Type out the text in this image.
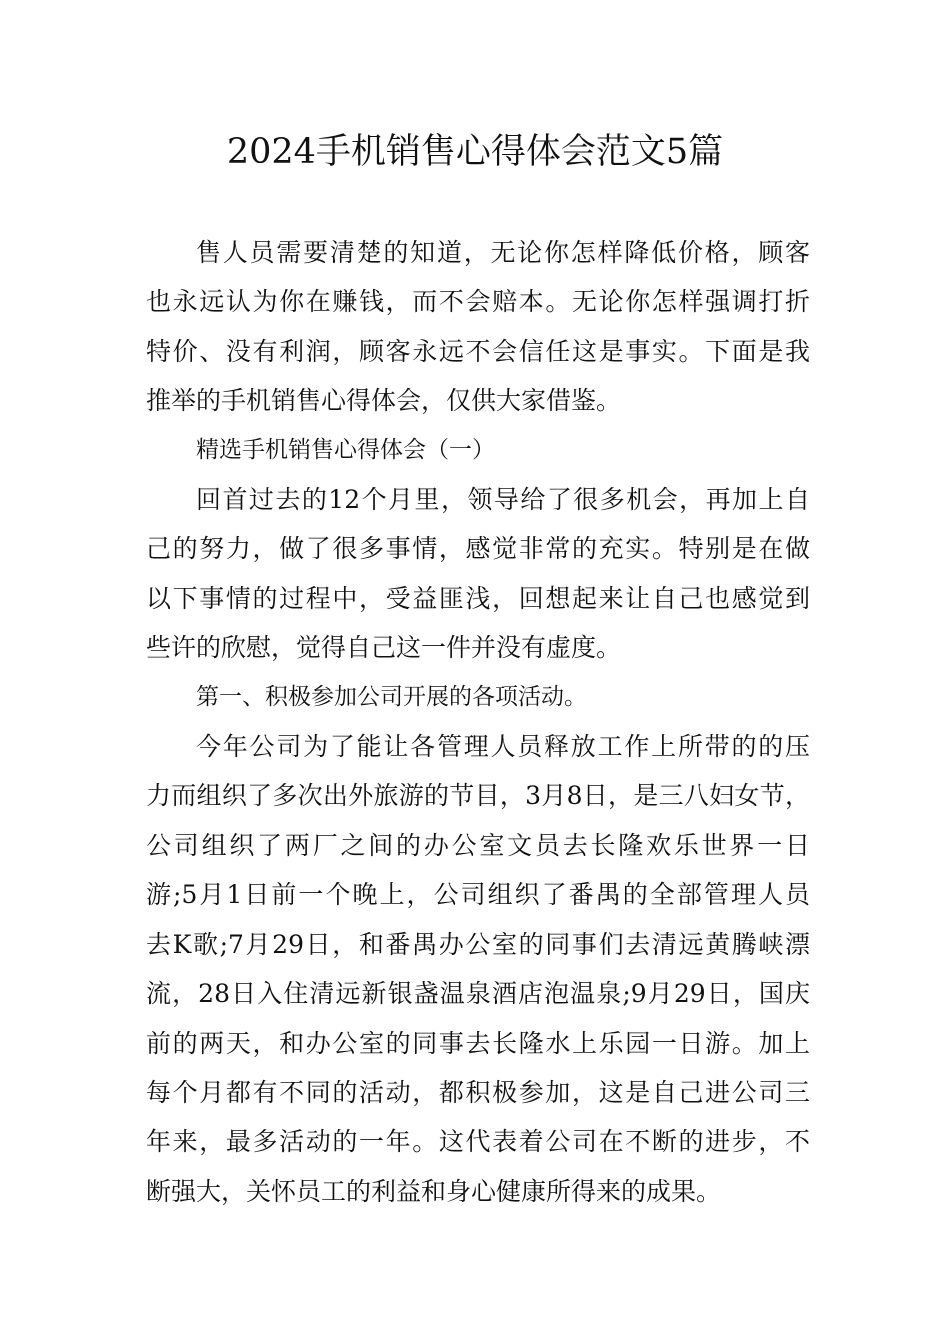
2024手机销售心得体会范文5篇
售人员需要清楚的知道，无论你怎样降低价格，顾客
也永远认为你在赚钱，而不会赔本。无论你怎样强调打折
特价、没有利润，顾客永远不会信任这是事实。下面是我
推举的手机销售心得体会，仅供大家借鉴。
精选手机销售心得体会（一）
回首过去的12个月里，领导给了很多机会，再加上自
己的努力，做了很多事情，感觉非常的充实。特别是在做
以下事情的过程中，受益匪浅，回想起来让自己也感觉到
些许的欣慰，觉得自己这一件并没有虚度。
第一、积极参加公司开展的各项活动。
今年公司为了能让各管理人员释放工作上所带的的压
力而组织了多次出外旅游的节目，3月8日，是三八妇女节，
公司组织了两厂之间的办公室文员去长隆欢乐世界一日
游;5月1日前一个晚上，公司组织了番禺的全部管理人员
去K歌;7月29日，和番禺办公室的同事们去清远黄腾峡漂
流，28日入住清远新银盏温泉酒店泡温泉;9月29日，国庆
前的两天，和办公室的同事去长隆水上乐园一日游。加上
每个月都有不同的活动，都积极参加，这是自己进公司三
年来，最多活动的一年。这代表着公司在不断的进步，不
断强大，关怀员工的利益和身心健康所得来的成果。
